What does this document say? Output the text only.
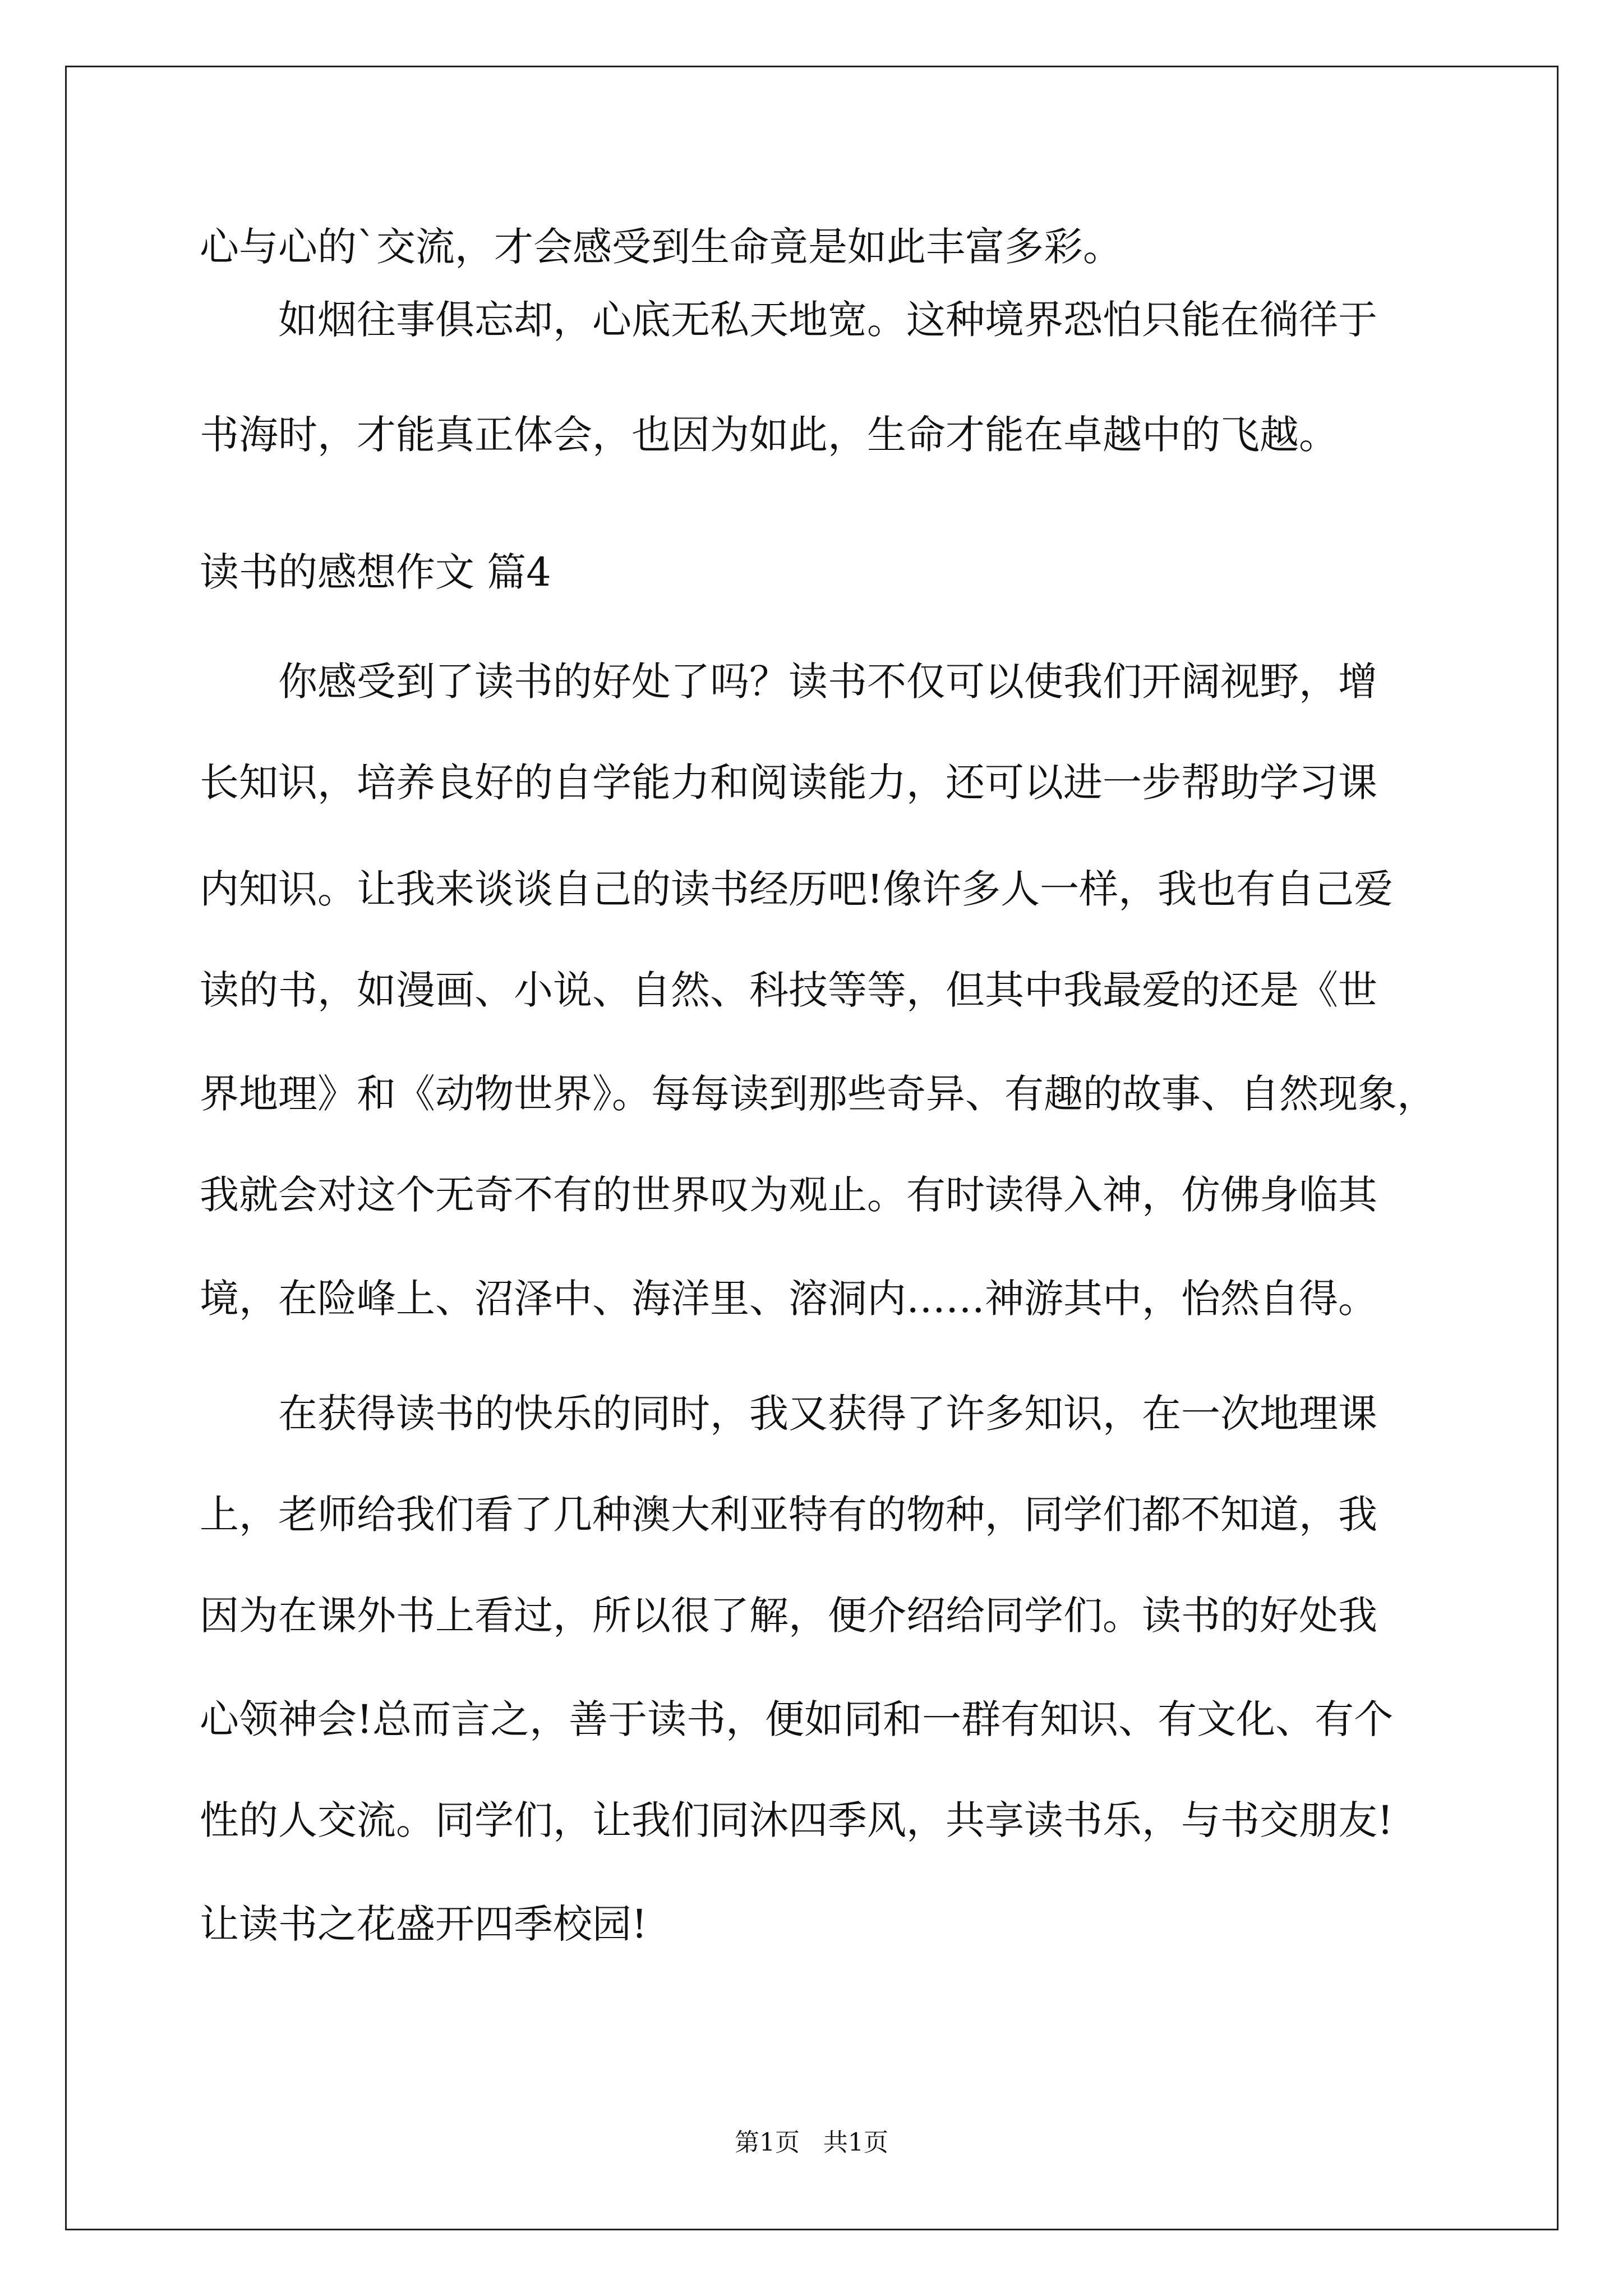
心与心的`交流，才会感受到生命竟是如此丰富多彩。
如烟往事俱忘却，心底无私天地宽。这种境界恐怕只能在徜徉于
书海时，才能真正体会，也因为如此，生命才能在卓越中的飞越。
读书的感想作文 篇4
你感受到了读书的好处了吗？读书不仅可以使我们开阔视野，增
长知识，培养良好的自学能力和阅读能力，还可以进一步帮助学习课
内知识。让我来谈谈自己的读书经历吧!像许多人一样，我也有自己爱
读的书，如漫画、小说、自然、科技等等，但其中我最爱的还是《世
界地理》和《动物世界》。每每读到那些奇异、有趣的故事、自然现象，
我就会对这个无奇不有的世界叹为观止。有时读得入神，仿佛身临其
境，在险峰上、沼泽中、海洋里、溶洞内……神游其中，怡然自得。
在获得读书的快乐的同时，我又获得了许多知识，在一次地理课
上，老师给我们看了几种澳大利亚特有的物种，同学们都不知道，我
因为在课外书上看过，所以很了解，便介绍给同学们。读书的好处我
心领神会!总而言之，善于读书，便如同和一群有知识、有文化、有个
性的人交流。同学们，让我们同沐四季风，共享读书乐，与书交朋友!
让读书之花盛开四季校园!
第1页   共1页
